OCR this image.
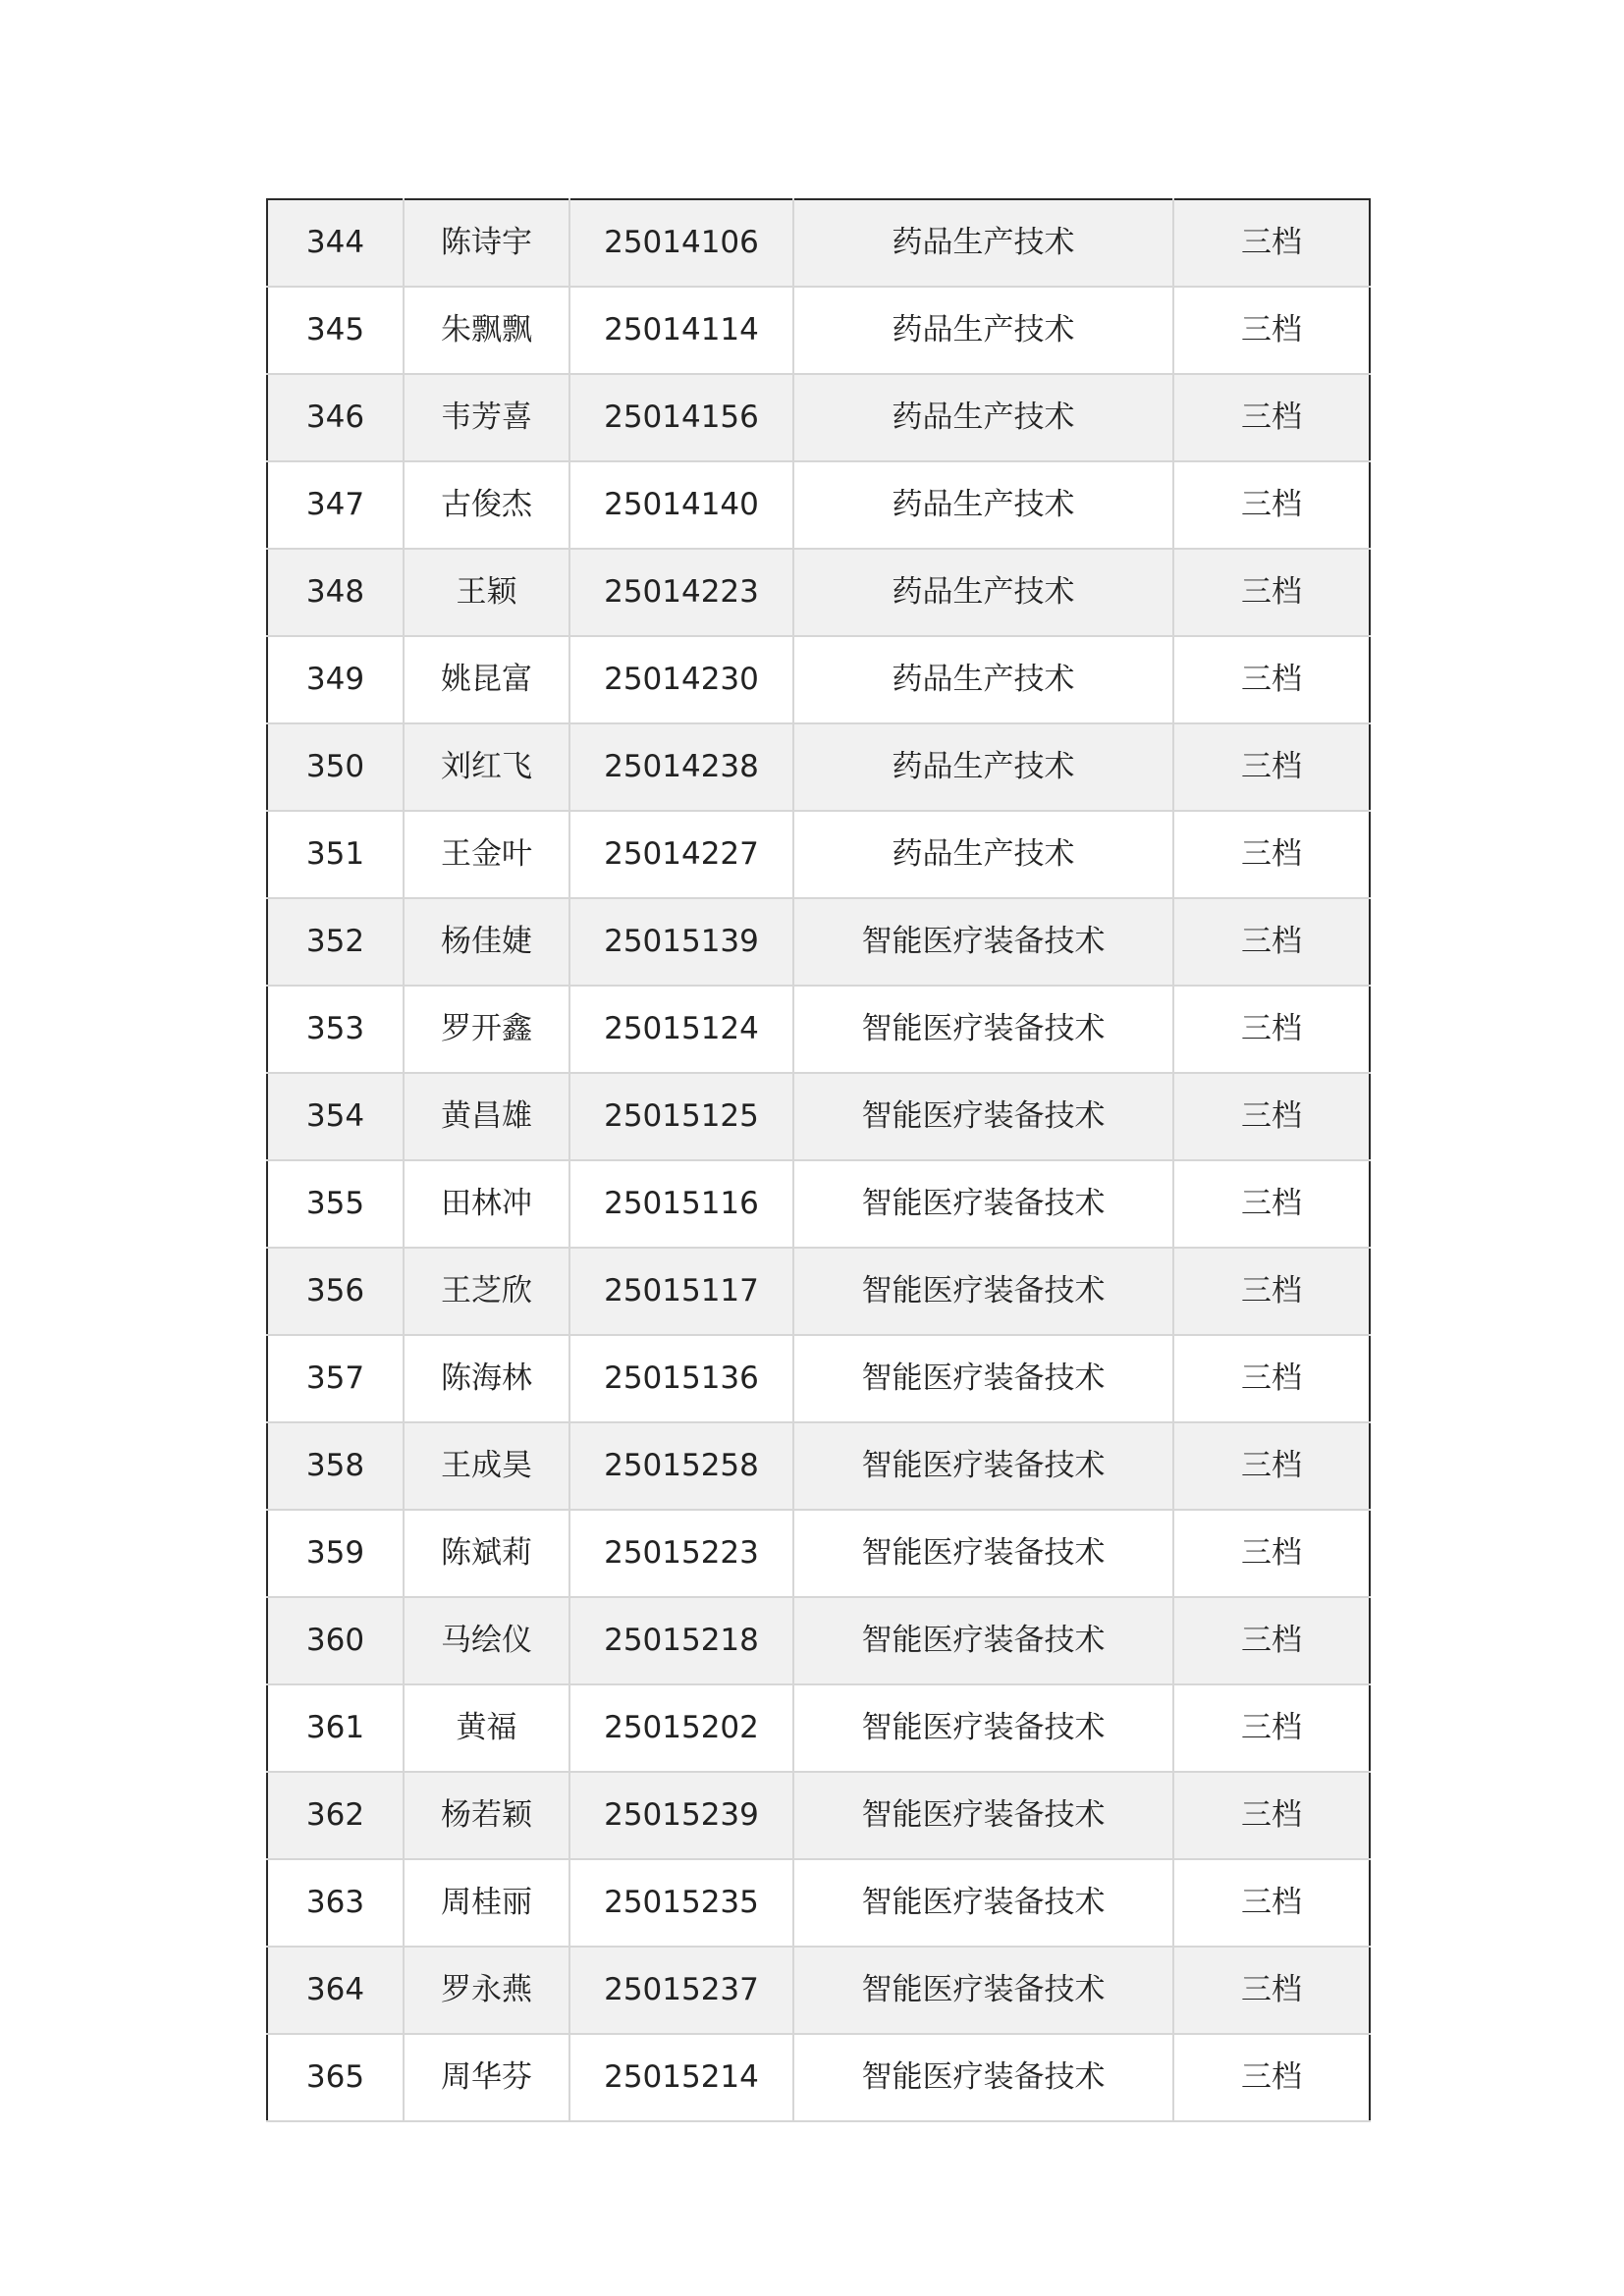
344	陈诗宇	25014106	药品生产技术	三档
345	朱飘飘	25014114	药品生产技术	三档
346	韦芳喜	25014156	药品生产技术	三档
347	古俊杰	25014140	药品生产技术	三档
348	王颖	25014223	药品生产技术	三档
349	姚昆富	25014230	药品生产技术	三档
350	刘红飞	25014238	药品生产技术	三档
351	王金叶	25014227	药品生产技术	三档
352	杨佳婕	25015139	智能医疗装备技术	三档
353	罗开鑫	25015124	智能医疗装备技术	三档
354	黄昌雄	25015125	智能医疗装备技术	三档
355	田林冲	25015116	智能医疗装备技术	三档
356	王芝欣	25015117	智能医疗装备技术	三档
357	陈海林	25015136	智能医疗装备技术	三档
358	王成昊	25015258	智能医疗装备技术	三档
359	陈斌莉	25015223	智能医疗装备技术	三档
360	马绘仪	25015218	智能医疗装备技术	三档
361	黄福	25015202	智能医疗装备技术	三档
362	杨若颖	25015239	智能医疗装备技术	三档
363	周桂丽	25015235	智能医疗装备技术	三档
364	罗永燕	25015237	智能医疗装备技术	三档
365	周华芬	25015214	智能医疗装备技术	三档
